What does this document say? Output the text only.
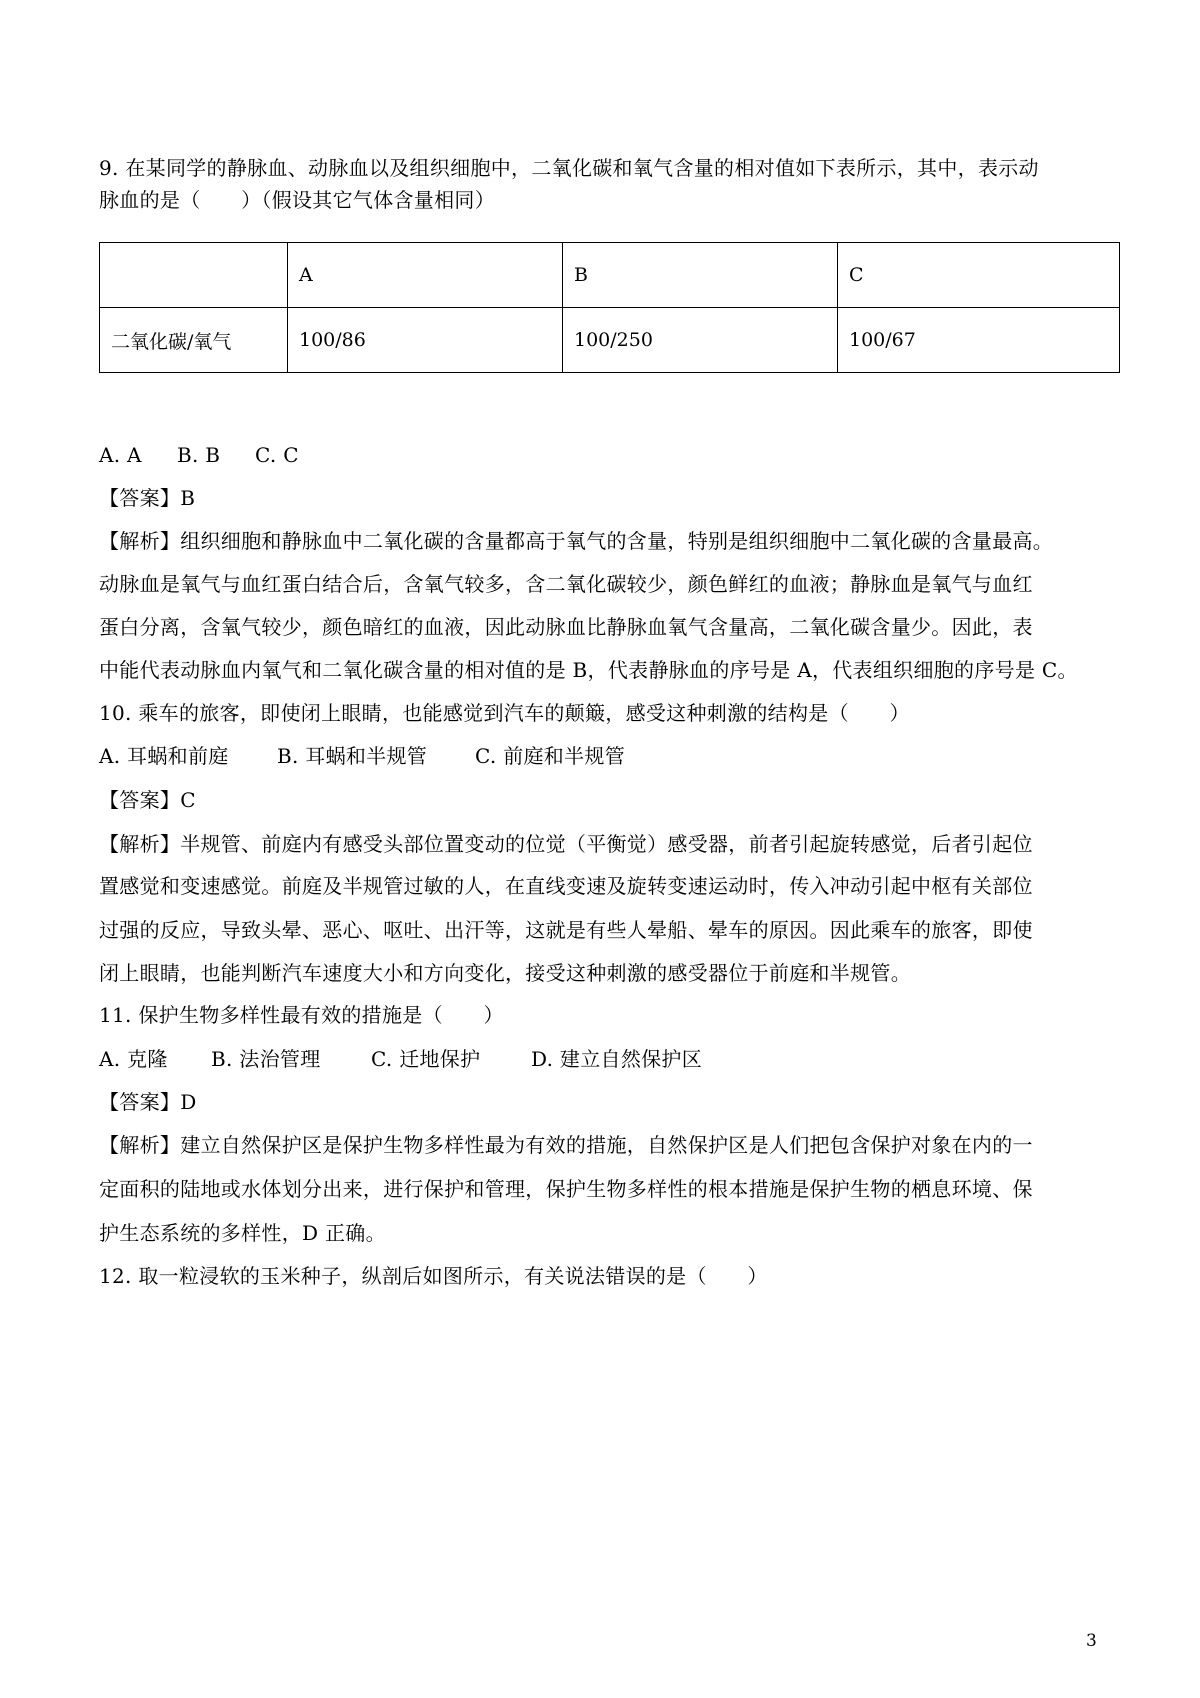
9. 在某同学的静脉血、动脉血以及组织细胞中，二氧化碳和氧气含量的相对值如下表所示，其中，表示动
脉血的是（　　）（假设其它气体含量相同）
	A	B	C
二氧化碳/氧气	100/86	100/250	100/67
A. A B. B C. C
【答案】B
【解析】组织细胞和静脉血中二氧化碳的含量都高于氧气的含量，特别是组织细胞中二氧化碳的含量最高。
动脉血是氧气与血红蛋白结合后，含氧气较多，含二氧化碳较少，颜色鲜红的血液；静脉血是氧气与血红
蛋白分离，含氧气较少，颜色暗红的血液，因此动脉血比静脉血氧气含量高，二氧化碳含量少。因此，表
中能代表动脉血内氧气和二氧化碳含量的相对值的是 B，代表静脉血的序号是 A，代表组织细胞的序号是 C。
10. 乘车的旅客，即使闭上眼睛，也能感觉到汽车的颠簸，感受这种刺激的结构是（　　）
A. 耳蜗和前庭 B. 耳蜗和半规管 C. 前庭和半规管
【答案】C
【解析】半规管、前庭内有感受头部位置变动的位觉（平衡觉）感受器，前者引起旋转感觉，后者引起位
置感觉和变速感觉。前庭及半规管过敏的人，在直线变速及旋转变速运动时，传入冲动引起中枢有关部位
过强的反应，导致头晕、恶心、呕吐、出汗等，这就是有些人晕船、晕车的原因。因此乘车的旅客，即使
闭上眼睛，也能判断汽车速度大小和方向变化，接受这种刺激的感受器位于前庭和半规管。
11. 保护生物多样性最有效的措施是（　　）
A. 克隆 B. 法治管理	C. 迁地保护	D. 建立自然保护区
【答案】D
【解析】建立自然保护区是保护生物多样性最为有效的措施，自然保护区是人们把包含保护对象在内的一
定面积的陆地或水体划分出来，进行保护和管理，保护生物多样性的根本措施是保护生物的栖息环境、保
护生态系统的多样性，D 正确。
12. 取一粒浸软的玉米种子，纵剖后如图所示，有关说法错误的是（　　）
3
